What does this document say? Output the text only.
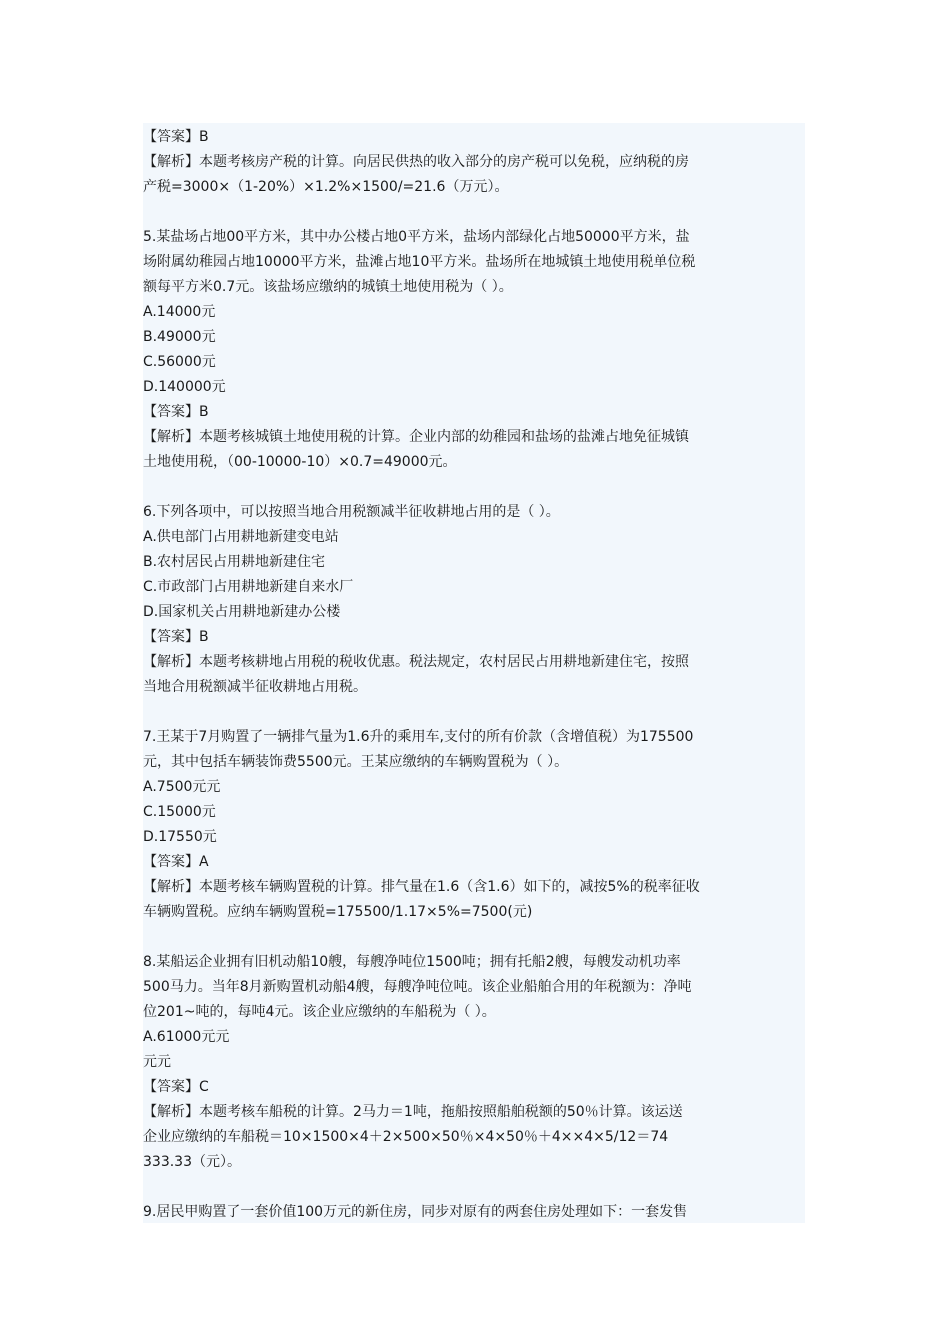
【答案】B
【解析】本题考核房产税的计算。向居民供热的收入部分的房产税可以免税，应纳税的房
产税=3000×（1-20%）×1.2%×1500/=21.6（万元）。
5.某盐场占地00平方米，其中办公楼占地0平方米，盐场内部绿化占地50000平方米，盐
场附属幼稚园占地10000平方米，盐滩占地10平方米。盐场所在地城镇土地使用税单位税
额每平方米0.7元。该盐场应缴纳的城镇土地使用税为（ ）。
A.14000元
B.49000元
C.56000元
D.140000元
【答案】B
【解析】本题考核城镇土地使用税的计算。企业内部的幼稚园和盐场的盐滩占地免征城镇
土地使用税，（00-10000-10）×0.7=49000元。
6.下列各项中，可以按照当地合用税额减半征收耕地占用的是（ ）。
A.供电部门占用耕地新建变电站
B.农村居民占用耕地新建住宅
C.市政部门占用耕地新建自来水厂
D.国家机关占用耕地新建办公楼
【答案】B
【解析】本题考核耕地占用税的税收优惠。税法规定，农村居民占用耕地新建住宅，按照
当地合用税额减半征收耕地占用税。
7.王某于7月购置了一辆排气量为1.6升的乘用车,支付的所有价款（含增值税）为175500
元，其中包括车辆装饰费5500元。王某应缴纳的车辆购置税为（ ）。
A.7500元元
C.15000元
D.17550元
【答案】A
【解析】本题考核车辆购置税的计算。排气量在1.6（含1.6）如下的，减按5%的税率征收
车辆购置税。应纳车辆购置税=175500/1.17×5%=7500(元)
8.某船运企业拥有旧机动船10艘，每艘净吨位1500吨；拥有托船2艘，每艘发动机功率
500马力。当年8月新购置机动船4艘，每艘净吨位吨。该企业船舶合用的年税额为：净吨
位201~吨的，每吨4元。该企业应缴纳的车船税为（ ）。
A.61000元元
元元
【答案】C
【解析】本题考核车船税的计算。2马力＝1吨，拖船按照船舶税额的50％计算。该运送
企业应缴纳的车船税＝10×1500×4＋2×500×50％×4×50％＋4××4×5/12＝74
333.33（元）。
9.居民甲购置了一套价值100万元的新住房，同步对原有的两套住房处理如下：一套发售
